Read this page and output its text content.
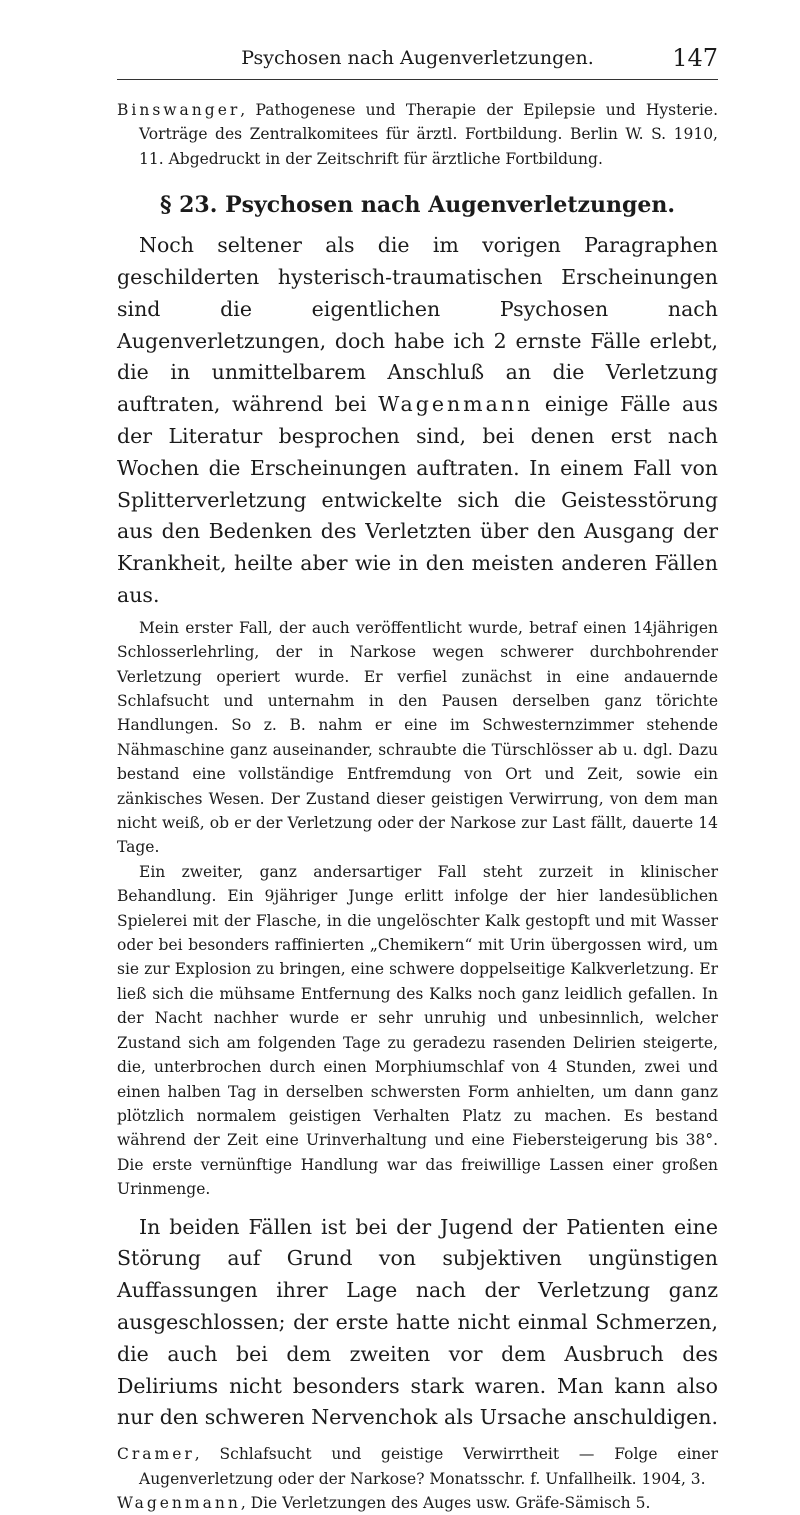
Psychosen nach Augenverletzungen.	147

Binswanger, Pathogenese und Therapie der Epilepsie und Hysterie. Vorträge des Zentralkomitees für ärztl. Fortbildung. Berlin W. S. 1910, 11. Abgedruckt in der Zeitschrift für ärztliche Fortbildung.

§ 23. Psychosen nach Augenverletzungen.

Noch seltener als die im vorigen Paragraphen geschilderten hysterisch-traumatischen Erscheinungen sind die eigentlichen Psychosen nach Augenverletzungen, doch habe ich 2 ernste Fälle erlebt, die in unmittelbarem Anschluß an die Verletzung auftraten, während bei Wagenmann einige Fälle aus der Literatur besprochen sind, bei denen erst nach Wochen die Erscheinungen auftraten. In einem Fall von Splitterverletzung entwickelte sich die Geistesstörung aus den Bedenken des Verletzten über den Ausgang der Krankheit, heilte aber wie in den meisten anderen Fällen aus.

Mein erster Fall, der auch veröffentlicht wurde, betraf einen 14jährigen Schlosserlehrling, der in Narkose wegen schwerer durchbohrender Verletzung operiert wurde. Er verfiel zunächst in eine andauernde Schlafsucht und unternahm in den Pausen derselben ganz törichte Handlungen. So z. B. nahm er eine im Schwesternzimmer stehende Nähmaschine ganz auseinander, schraubte die Türschlösser ab u. dgl. Dazu bestand eine vollständige Entfremdung von Ort und Zeit, sowie ein zänkisches Wesen. Der Zustand dieser geistigen Verwirrung, von dem man nicht weiß, ob er der Verletzung oder der Narkose zur Last fällt, dauerte 14 Tage.

Ein zweiter, ganz andersartiger Fall steht zurzeit in klinischer Behandlung. Ein 9jähriger Junge erlitt infolge der hier landesüblichen Spielerei mit der Flasche, in die ungelöschter Kalk gestopft und mit Wasser oder bei besonders raffinierten „Chemikern“ mit Urin übergossen wird, um sie zur Explosion zu bringen, eine schwere doppelseitige Kalkverletzung. Er ließ sich die mühsame Entfernung des Kalks noch ganz leidlich gefallen. In der Nacht nachher wurde er sehr unruhig und unbesinnlich, welcher Zustand sich am folgenden Tage zu geradezu rasenden Delirien steigerte, die, unterbrochen durch einen Morphiumschlaf von 4 Stunden, zwei und einen halben Tag in derselben schwersten Form anhielten, um dann ganz plötzlich normalem geistigen Verhalten Platz zu machen. Es bestand während der Zeit eine Urinverhaltung und eine Fiebersteigerung bis 38°. Die erste vernünftige Handlung war das freiwillige Lassen einer großen Urinmenge.

In beiden Fällen ist bei der Jugend der Patienten eine Störung auf Grund von subjektiven ungünstigen Auffassungen ihrer Lage nach der Verletzung ganz ausgeschlossen; der erste hatte nicht einmal Schmerzen, die auch bei dem zweiten vor dem Ausbruch des Deliriums nicht besonders stark waren. Man kann also nur den schweren Nervenchok als Ursache anschuldigen.

Cramer, Schlafsucht und geistige Verwirrtheit — Folge einer Augenverletzung oder der Narkose? Monatsschr. f. Unfallheilk. 1904, 3.

Wagenmann, Die Verletzungen des Auges usw. Gräfe-Sämisch 5.
